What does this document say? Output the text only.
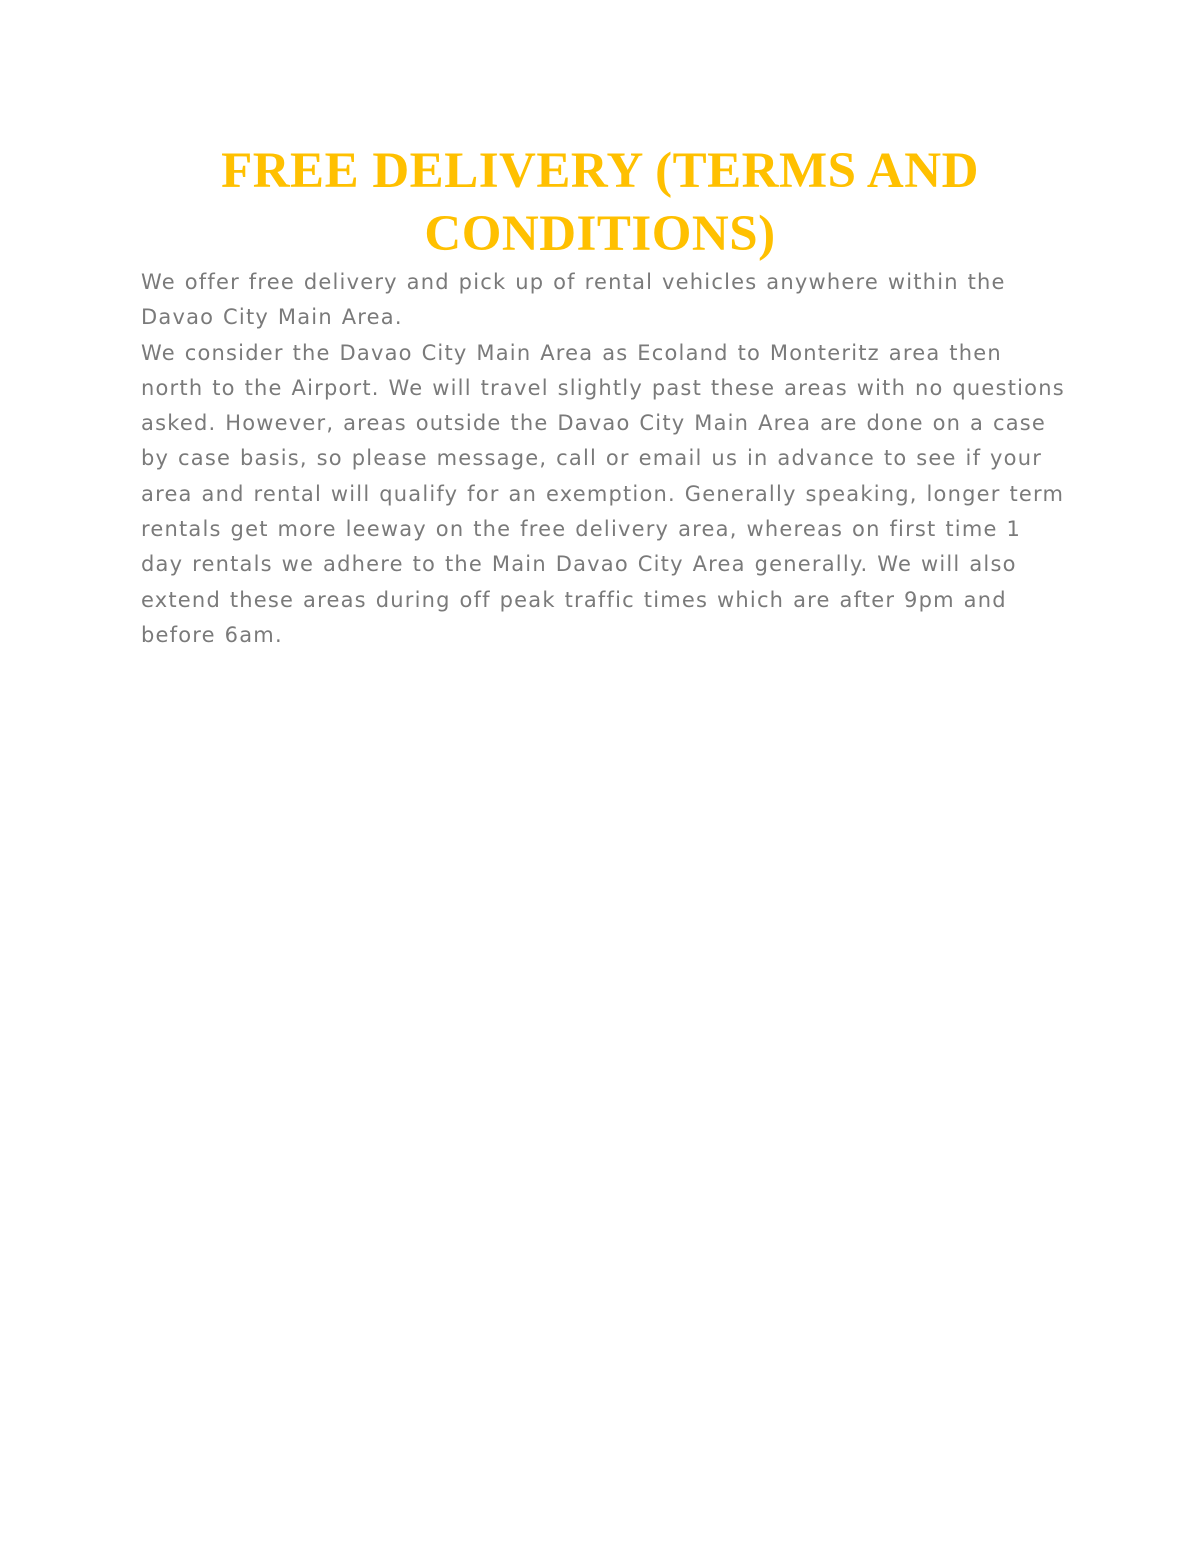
FREE DELIVERY (TERMS AND CONDITIONS)

We offer free delivery and pick up of rental vehicles anywhere within the Davao City Main Area.

We consider the Davao City Main Area as Ecoland to Monteritz area then north to the Airport. We will travel slightly past these areas with no questions asked. However, areas outside the Davao City Main Area are done on a case by case basis, so please message, call or email us in advance to see if your area and rental will qualify for an exemption. Generally speaking, longer term rentals get more leeway on the free delivery area, whereas on first time 1 day rentals we adhere to the Main Davao City Area generally. We will also extend these areas during off peak traffic times which are after 9pm and before 6am.
